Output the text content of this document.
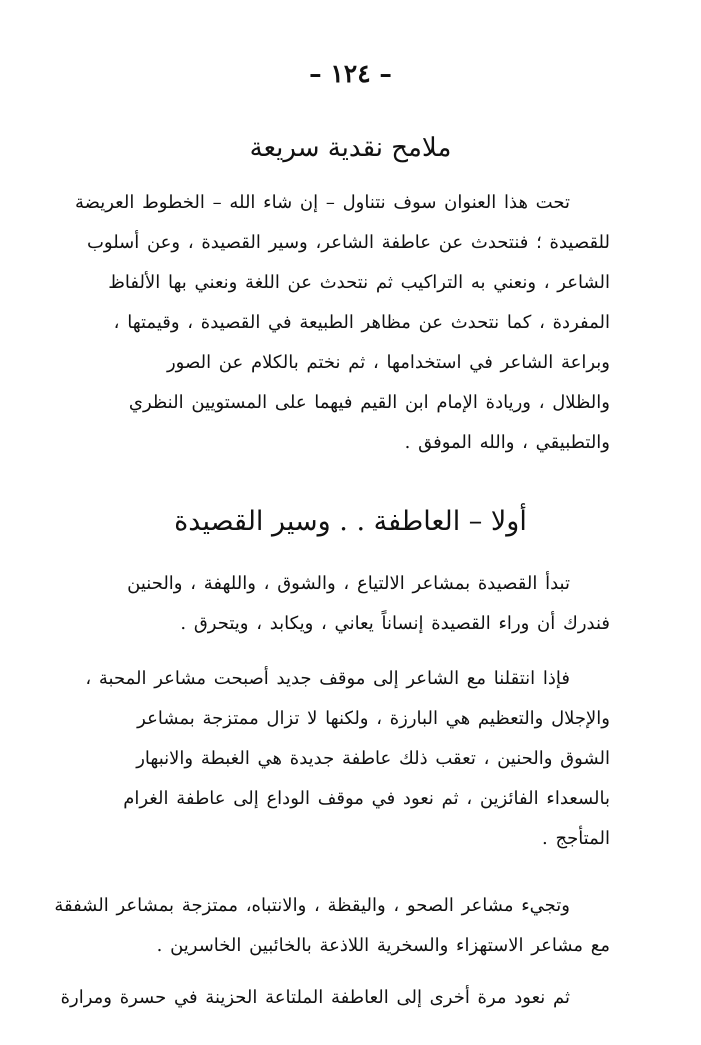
– ١٢٤ –
ملامح نقدية سريعة
تحت هذا العنوان سوف نتناول – إن شاء الله – الخطوط العريضة
للقصيدة ؛ فنتحدث عن عاطفة الشاعر، وسير القصيدة ، وعن أسلوب
الشاعر ، ونعني به التراكيب ثم نتحدث عن اللغة ونعني بها الألفاظ
المفردة ، كما نتحدث عن مظاهر الطبيعة في القصيدة ، وقيمتها ،
وبراعة الشاعر في استخدامها ، ثم نختم بالكلام عن الصور
والظلال ، وريادة الإمام ابن القيم فيهما على المستويين النظري
والتطبيقي ، والله الموفق .
أولا – العاطفة . . وسير القصيدة
تبدأ القصيدة بمشاعر الالتياع ، والشوق ، واللهفة ، والحنين
فندرك أن وراء القصيدة إنساناً يعاني ، ويكابد ، ويتحرق .
فإذا انتقلنا مع الشاعر إلى موقف جديد أصبحت مشاعر المحبة ،
والإجلال والتعظيم هي البارزة ، ولكنها لا تزال ممتزجة بمشاعر
الشوق والحنين ، تعقب ذلك عاطفة جديدة هي الغبطة والانبهار
بالسعداء الفائزين ، ثم نعود في موقف الوداع إلى عاطفة الغرام
المتأجج .
وتجيء مشاعر الصحو ، واليقظة ، والانتباه، ممتزجة بمشاعر الشفقة
مع مشاعر الاستهزاء والسخرية اللاذعة بالخائبين الخاسرين .
ثم نعود مرة أخرى إلى العاطفة الملتاعة الحزينة في حسرة ومرارة
